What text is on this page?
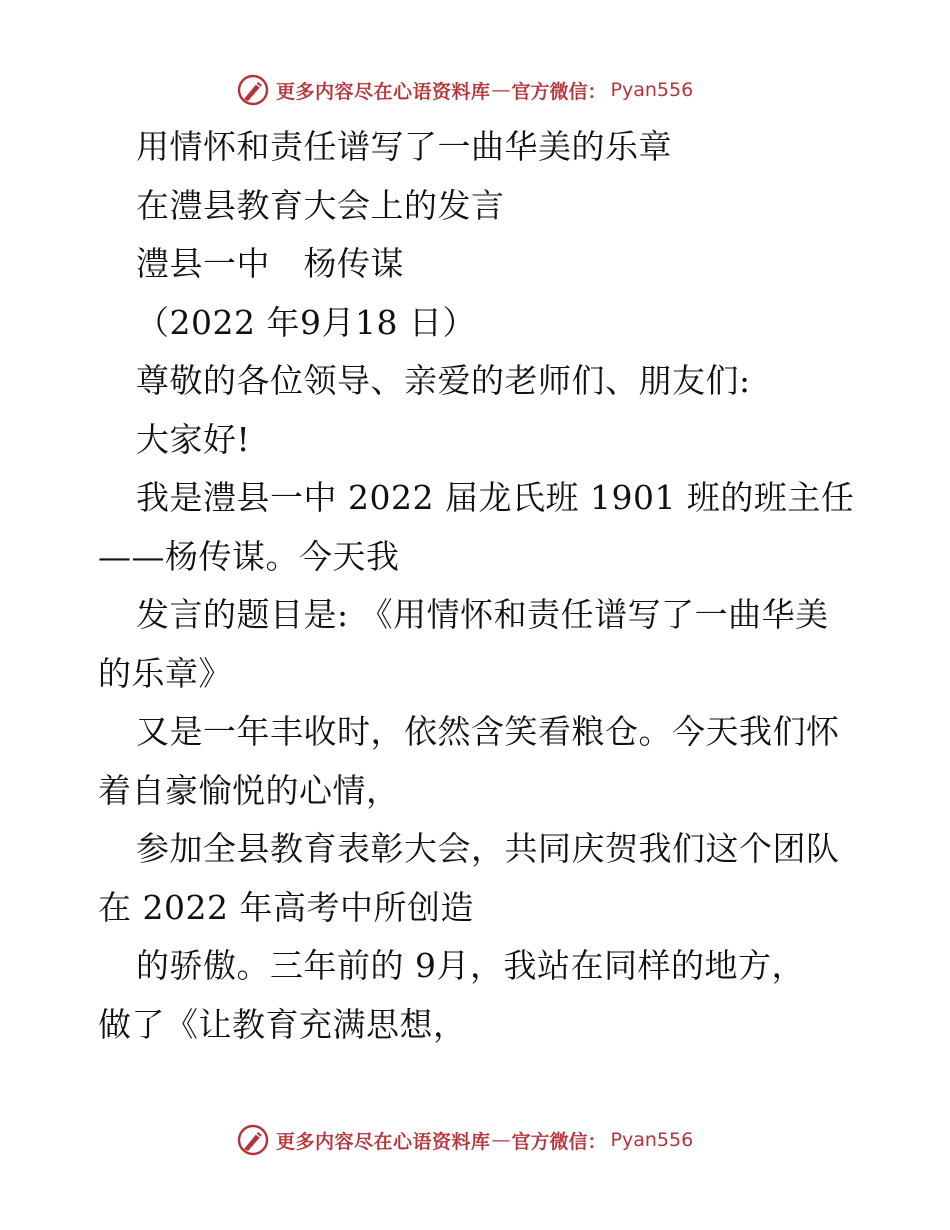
更多内容尽在心语资料库 — 官方微信： Pyan556

用情怀和责任谱写了一曲华美的乐章

在澧县教育大会上的发言

澧县一中　杨传谋

（2022 年9月18 日）

尊敬的各位领导、亲爱的老师们、朋友们:

大家好!

我是澧县一中 2022 届龙氏班 1901 班的班主任

——杨传谋。今天我

发言的题目是: 《用情怀和责任谱写了一曲华美

的乐章》

又是一年丰收时，依然含笑看粮仓。今天我们怀

着自豪愉悦的心情，

参加全县教育表彰大会，共同庆贺我们这个团队

在 2022 年高考中所创造

的骄傲。三年前的 9月，我站在同样的地方，

做了《让教育充满思想，

更多内容尽在心语资料库 — 官方微信： Pyan556
